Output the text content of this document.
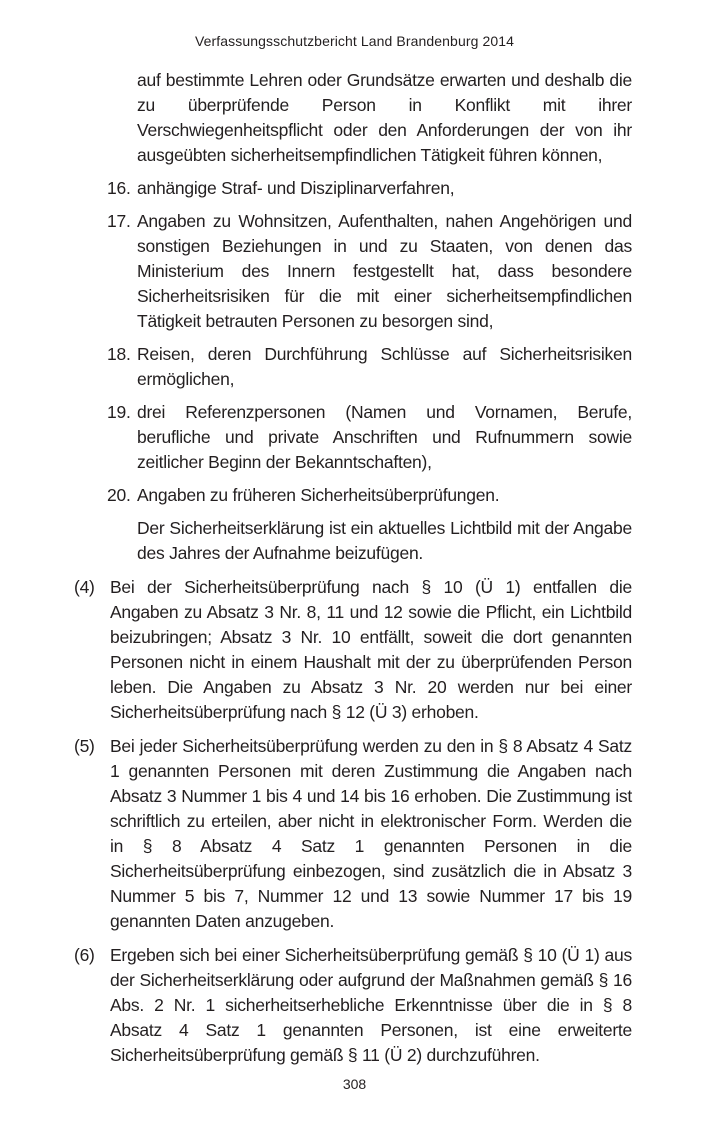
Verfassungsschutzbericht Land Brandenburg 2014

auf bestimmte Lehren oder Grundsätze erwarten und deshalb die zu überprüfende Person in Konflikt mit ihrer Verschwiegenheitspflicht oder den Anforderungen der von ihr ausgeübten sicherheitsempfindlichen Tätigkeit führen können,

16. anhängige Straf- und Disziplinarverfahren,
17. Angaben zu Wohnsitzen, Aufenthalten, nahen Angehörigen und sonstigen Beziehungen in und zu Staaten, von denen das Ministerium des Innern festgestellt hat, dass besondere Sicherheitsrisiken für die mit einer sicherheitsempfindlichen Tätigkeit betrauten Personen zu besorgen sind,
18. Reisen, deren Durchführung Schlüsse auf Sicherheitsrisiken ermöglichen,
19. drei Referenzpersonen (Namen und Vornamen, Berufe, berufliche und private Anschriften und Rufnummern sowie zeitlicher Beginn der Bekanntschaften),
20. Angaben zu früheren Sicherheitsüberprüfungen.

Der Sicherheitserklärung ist ein aktuelles Lichtbild mit der Angabe des Jahres der Aufnahme beizufügen.

(4) Bei der Sicherheitsüberprüfung nach § 10 (Ü 1) entfallen die Angaben zu Absatz 3 Nr. 8, 11 und 12 sowie die Pflicht, ein Lichtbild beizubringen; Absatz 3 Nr. 10 entfällt, soweit die dort genannten Personen nicht in einem Haushalt mit der zu überprüfenden Person leben. Die Angaben zu Absatz 3 Nr. 20 werden nur bei einer Sicherheitsüberprüfung nach § 12 (Ü 3) erhoben.
(5) Bei jeder Sicherheitsüberprüfung werden zu den in § 8 Absatz 4 Satz 1 genannten Personen mit deren Zustimmung die Angaben nach Absatz 3 Nummer 1 bis 4 und 14 bis 16 erhoben. Die Zustimmung ist schriftlich zu erteilen, aber nicht in elektronischer Form. Werden die in § 8 Absatz 4 Satz 1 genannten Personen in die Sicherheitsüberprüfung einbezogen, sind zusätzlich die in Absatz 3 Nummer 5 bis 7, Nummer 12 und 13 sowie Nummer 17 bis 19 genannten Daten anzugeben.
(6) Ergeben sich bei einer Sicherheitsüberprüfung gemäß § 10 (Ü 1) aus der Sicherheitserklärung oder aufgrund der Maßnahmen gemäß § 16 Abs. 2 Nr. 1 sicherheitserhebliche Erkenntnisse über die in § 8 Absatz 4 Satz 1 genannten Personen, ist eine erweiterte Sicherheitsüberprüfung gemäß § 11 (Ü 2) durchzuführen.
308
